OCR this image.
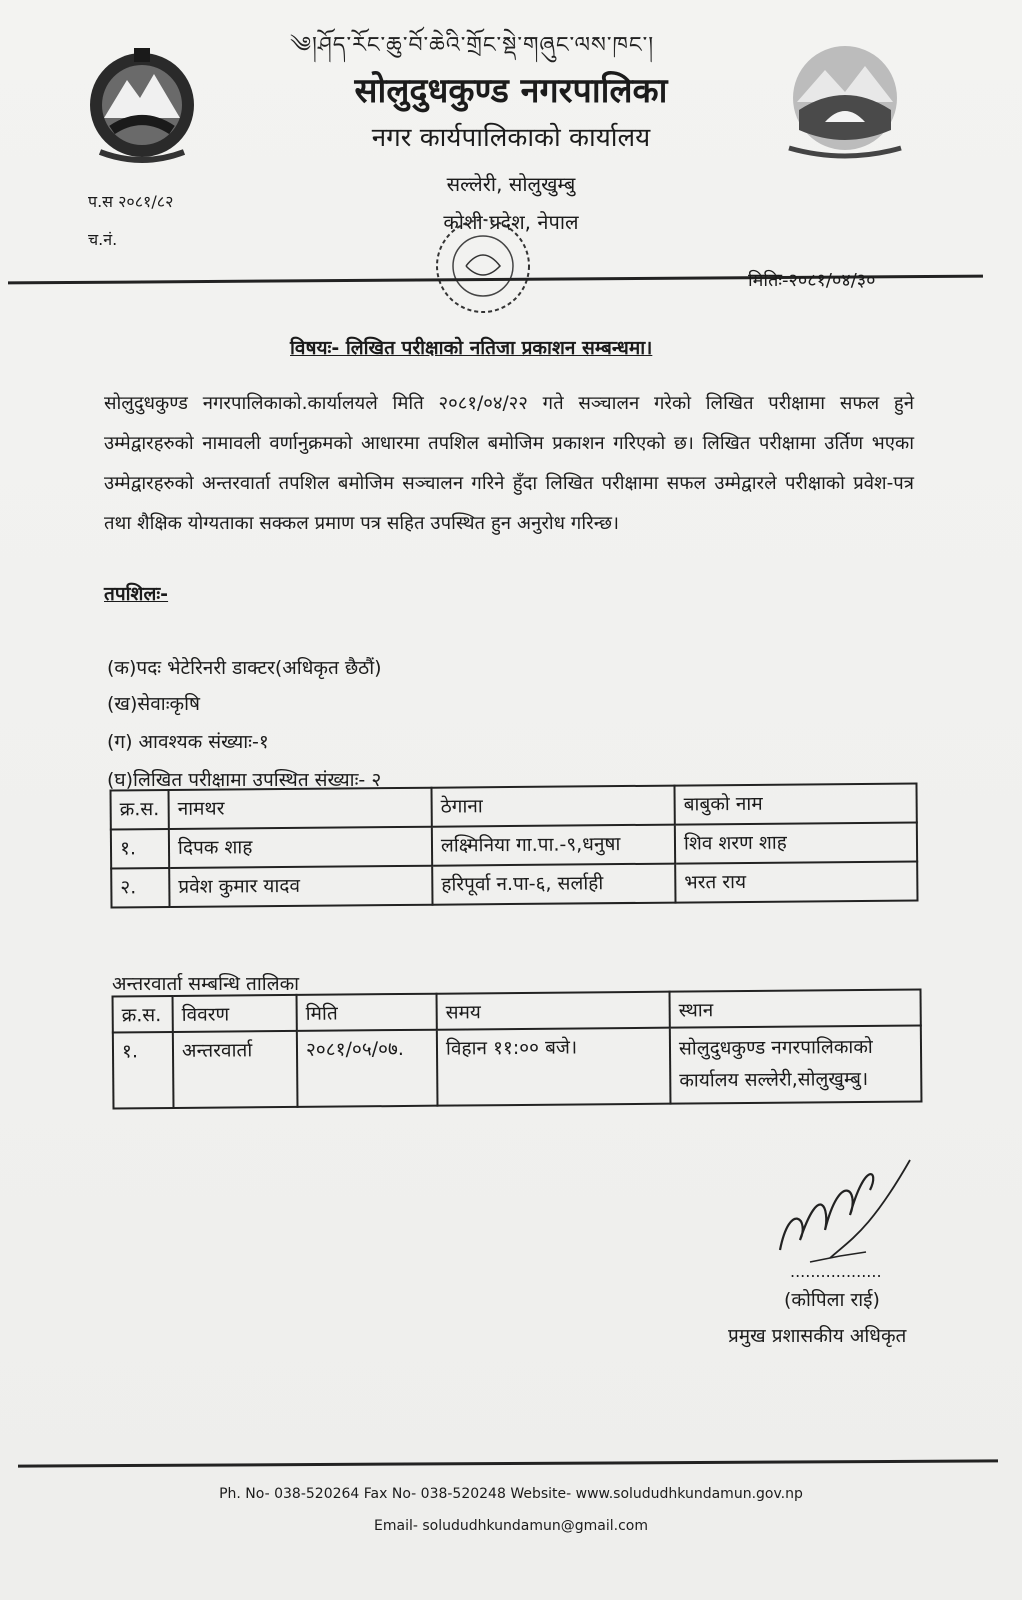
༄།ཤོད་རོང་ཆུ་བོ་ཆེའི་གྲོང་སྡེ་གཞུང་ལས་ཁང་།
सोलुदुधकुण्ड नगरपालिका
नगर कार्यपालिकाको कार्यालय
सल्लेरी, सोलुखुम्बु
कोशी प्रदेश, नेपाल
प.स २०८१/८२
च.नं.
मितिः-२०८१/०४/३०
विषयः- लिखित परीक्षाको नतिजा प्रकाशन सम्बन्धमा।
सोलुदुधकुण्ड नगरपालिकाको.कार्यालयले मिति २०८१/०४/२२ गते सञ्चालन गरेको लिखित परीक्षामा सफल हुने उम्मेद्वारहरुको नामावली वर्णानुक्रमको आधारमा तपशिल बमोजिम प्रकाशन गरिएको छ। लिखित परीक्षामा उर्तिण भएका उम्मेद्वारहरुको अन्तरवार्ता तपशिल बमोजिम सञ्चालन गरिने हुँदा लिखित परीक्षामा सफल उम्मेद्वारले परीक्षाको प्रवेश-पत्र तथा शैक्षिक योग्यताका सक्कल प्रमाण पत्र सहित उपस्थित हुन अनुरोध गरिन्छ।
तपशिलः-
(क)पदः भेटेरिनरी डाक्टर(अधिकृत छैठौं)
(ख)सेवाःकृषि
(ग) आवश्यक संख्याः-१
(घ)लिखित परीक्षामा उपस्थित संख्याः- २
क्र.स.	नामथर	ठेगाना	बाबुको नाम
१.	दिपक शाह	लक्ष्मिनिया गा.पा.-९,धनुषा	शिव शरण शाह
२.	प्रवेश कुमार यादव	हरिपूर्वा न.पा-६, सर्लाही	भरत राय
अन्तरवार्ता सम्बन्धि तालिका
क्र.स.	विवरण	मिति	समय	स्थान
१.	अन्तरवार्ता	२०८१/०५/०७.	विहान ११:०० बजे।	सोलुदुधकुण्ड नगरपालिकाको कार्यालय सल्लेरी,सोलुखुम्बु।
..................
(कोपिला राई)
प्रमुख प्रशासकीय अधिकृत
Ph. No- 038-520264 Fax No- 038-520248 Website- www.solududhkundamun.gov.np
Email- solududhkundamun@gmail.com
